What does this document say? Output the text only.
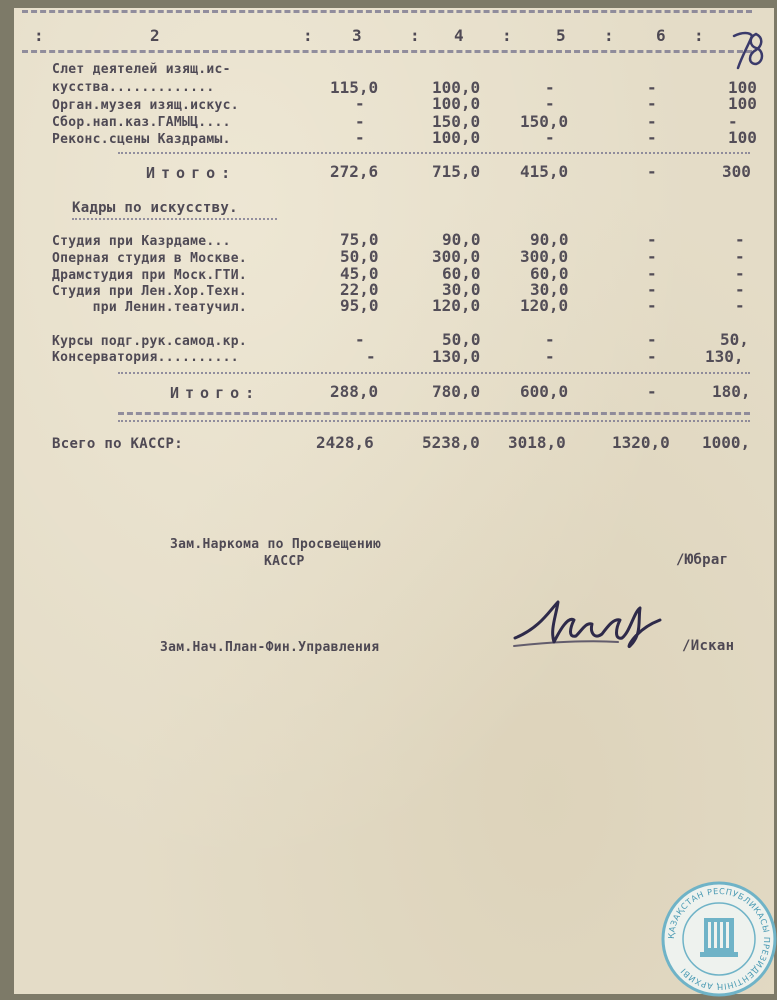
:	2	: 3	: 4 :	5 :	6 :
Слет деятелей изящ.ис-
кусства.............	115,0	100,0	-	-	100
Орган.музея изящ.искус.	-	100,0	-	-	100
Сбор.нап.каз.ГАМЫЦ....	-	150,0 150,0	-	-
Реконс.сцены Каздрамы.	-	100,0	-	-	100
Итого:	272,6	715,0 415,0	-	300
Кадры по искусству.
Студия при Казрдаме...	75,0	90,0	90,0	-	-
Оперная студия в Москве.	50,0	300,0 300,0	-	-
Драмстудия при Моск.ГТИ.	45,0	60,0	60,0	-	-
Студия при Лен.Хор.Техн.	22,0	30,0	30,0	-	-
при Ленин.театучил.	95,0	120,0 120,0	-	-
Курсы подг.рук.самод.кр.	-	50,0	-	-	50,
Консерватория..........	-	130,0	-	-	130,
Итого:	288,0	780,0 600,0	-	180,
Всего по КАССР:	2428,6	5238,0 3018,0	1320,0 1000,
Зам.Наркома по Просвещению
КАССР	/Юбраг
Зам.Нач.План-Фин.Управления	/Искан
ҚАЗАҚСТАН РЕСПУБЛИКАСЫ ПРЕЗИДЕНТІНІҢ АРХИВІ
